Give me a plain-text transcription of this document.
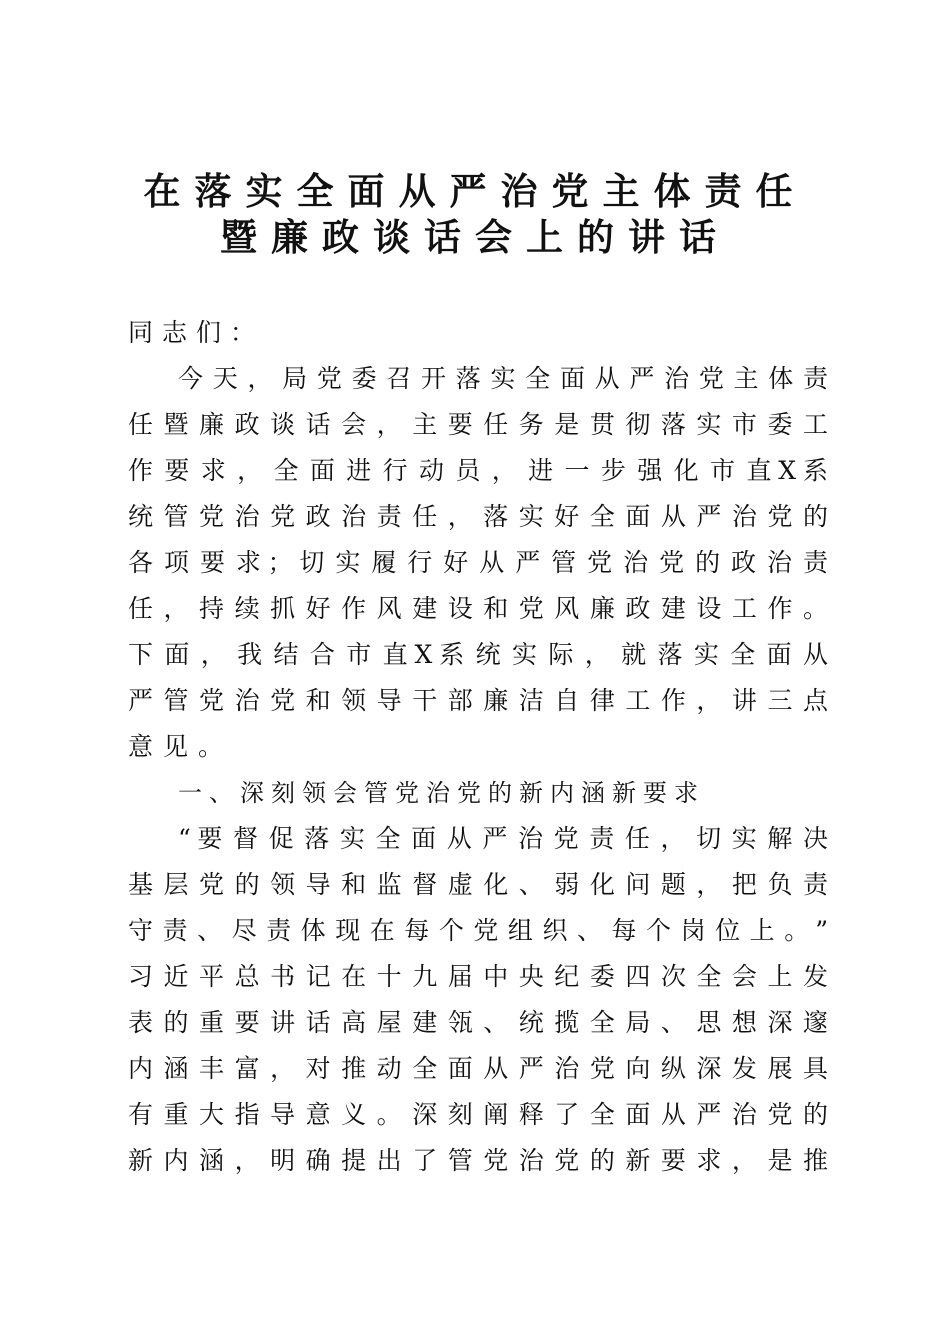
在落实全面从严治党主体责任
暨廉政谈话会上的讲话
同志们：
今 天 ， 局 党 委 召 开 落 实 全 面 从 严 治 党 主 体 责
任 暨 廉 政 谈 话 会 ， 主 要 任 务 是 贯 彻 落 实 市 委 工
作 要 求 ， 全 面 进 行 动 员 ， 进 一 步 强 化 市 直 X 系
统 管 党 治 党 政 治 责 任 ， 落 实 好 全 面 从 严 治 党 的
各 项 要 求 ； 切 实 履 行 好 从 严 管 党 治 党 的 政 治 责
任 ， 持 续 抓 好 作 风 建 设 和 党 风 廉 政 建 设 工 作 。
下 面 ， 我 结 合 市 直 X 系 统 实 际 ， 就 落 实 全 面 从
严 管 党 治 党 和 领 导 干 部 廉 洁 自 律 工 作 ， 讲 三 点
意见。
一、深刻领会管党治党的新内涵新要求
“ 要 督 促 落 实 全 面 从 严 治 党 责 任 ， 切 实 解 决
基 层 党 的 领 导 和 监 督 虚 化 、 弱 化 问 题 ， 把 负 责
守 责 、 尽 责 体 现 在 每 个 党 组 织 、 每 个 岗 位 上 。 ”
习 近 平 总 书 记 在 十 九 届 中 央 纪 委 四 次 全 会 上 发
表 的 重 要 讲 话 高 屋 建 瓴 、 统 揽 全 局 、 思 想 深 邃
内 涵 丰 富 ， 对 推 动 全 面 从 严 治 党 向 纵 深 发 展 具
有 重 大 指 导 意 义 。 深 刻 阐 释 了 全 面 从 严 治 党 的
新 内 涵 ， 明 确 提 出 了 管 党 治 党 的 新 要 求 ， 是 推
